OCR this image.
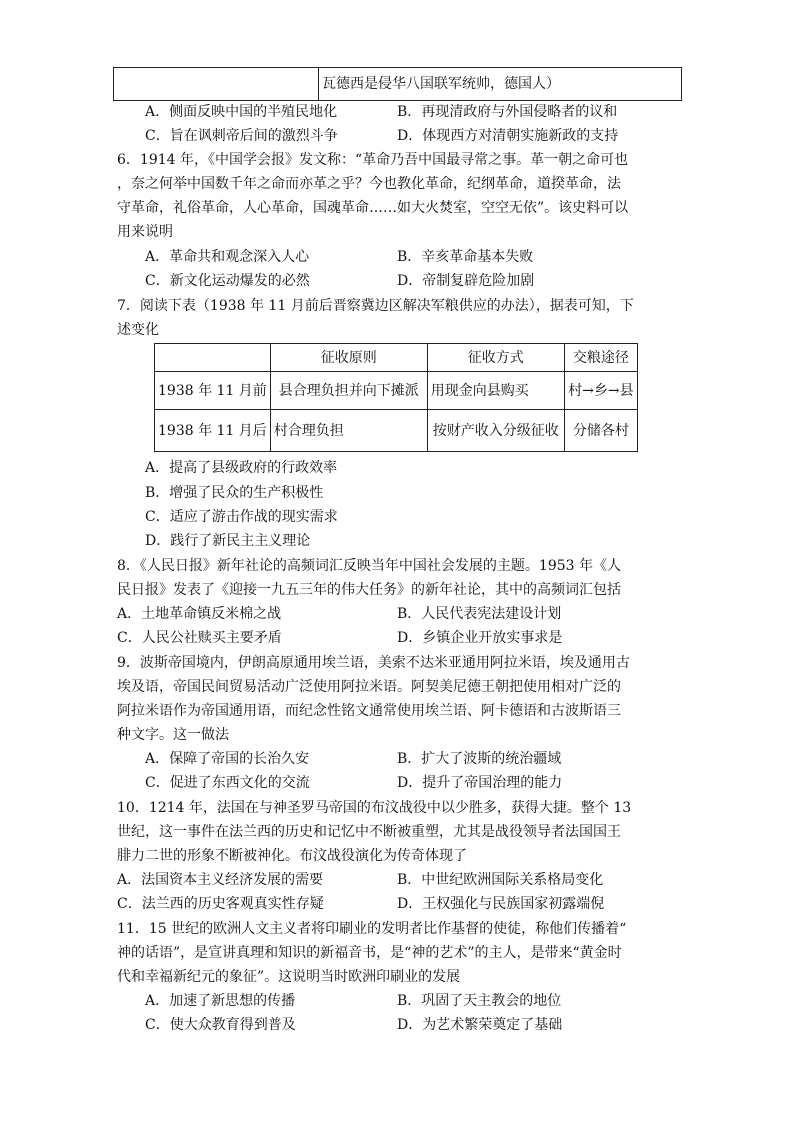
	瓦德西是侵华八国联军统帅，德国人）
A．侧面反映中国的半殖民地化	B．再现清政府与外国侵略者的议和
C．旨在讽刺帝后间的激烈斗争	D．体现西方对清朝实施新政的支持
6．1914 年，《中国学会报》发文称：“革命乃吾中国最寻常之事。革一朝之命可也
，奈之何举中国数千年之命而亦革之乎？今也教化革命，纪纲革命，道揆革命，法
守革命，礼俗革命，人心革命，国魂革命……如大火焚室，空空无依”。该史料可以
用来说明
A．革命共和观念深入人心	B．辛亥革命基本失败
C．新文化运动爆发的必然	D．帝制复辟危险加剧
7．阅读下表（1938 年 11 月前后晋察冀边区解决军粮供应的办法），据表可知，下
述变化
	征收原则	征收方式	交粮途径
1938 年 11 月前	县合理负担并向下摊派	用现金向县购买	村→乡→县
1938 年 11 月后	村合理负担	按财产收入分级征收	分储各村
A．提高了县级政府的行政效率
B．增强了民众的生产积极性
C．适应了游击作战的现实需求
D．践行了新民主主义理论
8．《人民日报》新年社论的高频词汇反映当年中国社会发展的主题。1953 年《人
民日报》发表了《迎接一九五三年的伟大任务》的新年社论，其中的高频词汇包括
A．土地革命镇反米棉之战	B．人民代表宪法建设计划
C．人民公社赎买主要矛盾	D．乡镇企业开放实事求是
9．波斯帝国境内，伊朗高原通用埃兰语，美索不达米亚通用阿拉米语，埃及通用古
埃及语，帝国民间贸易活动广泛使用阿拉米语。阿契美尼德王朝把使用相对广泛的
阿拉米语作为帝国通用语，而纪念性铭文通常使用埃兰语、阿卡德语和古波斯语三
种文字。这一做法
A．保障了帝国的长治久安	B．扩大了波斯的统治疆域
C．促进了东西文化的交流	D．提升了帝国治理的能力
10．1214 年，法国在与神圣罗马帝国的布汶战役中以少胜多，获得大捷。整个 13
世纪，这一事件在法兰西的历史和记忆中不断被重塑，尤其是战役领导者法国国王
腓力二世的形象不断被神化。布汶战役演化为传奇体现了
A．法国资本主义经济发展的需要	B．中世纪欧洲国际关系格局变化
C．法兰西的历史客观真实性存疑	D．王权强化与民族国家初露端倪
11．15 世纪的欧洲人文主义者将印刷业的发明者比作基督的使徒，称他们传播着“
神的话语”，是宣讲真理和知识的新福音书，是“神的艺术”的主人，是带来“黄金时
代和幸福新纪元的象征”。这说明当时欧洲印刷业的发展
A．加速了新思想的传播	B．巩固了天主教会的地位
C．使大众教育得到普及	D．为艺术繁荣奠定了基础
